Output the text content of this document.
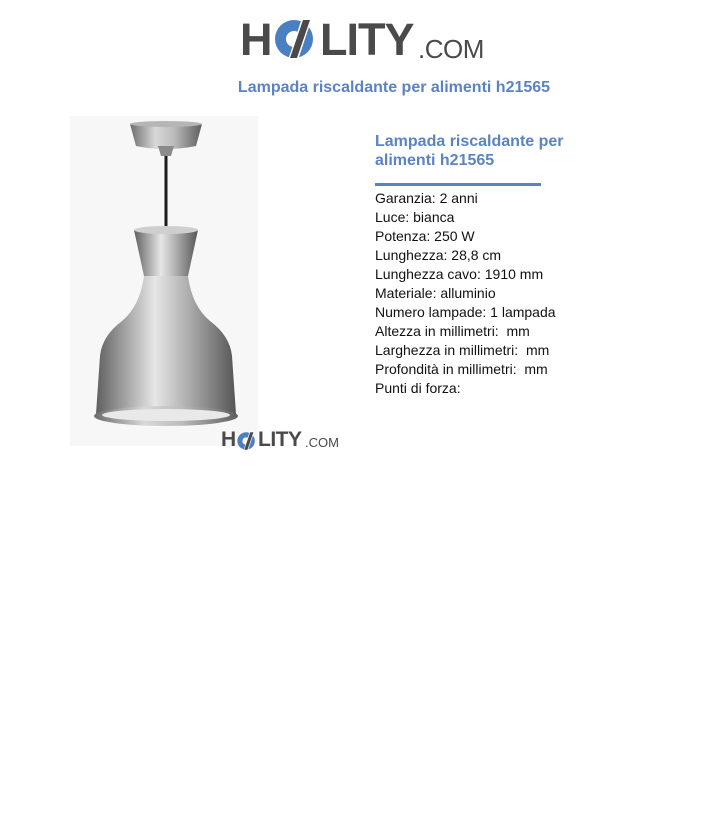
H LITY .COM
Lampada riscaldante per alimenti h21565
H LITY .COM
Lampada riscaldante per alimenti h21565
Garanzia: 2 anni
Luce: bianca
Potenza: 250 W
Lunghezza: 28,8 cm
Lunghezza cavo: 1910 mm
Materiale: alluminio
Numero lampade: 1 lampada
Altezza in millimetri:  mm
Larghezza in millimetri:  mm
Profondità in millimetri:  mm
Punti di forza:
